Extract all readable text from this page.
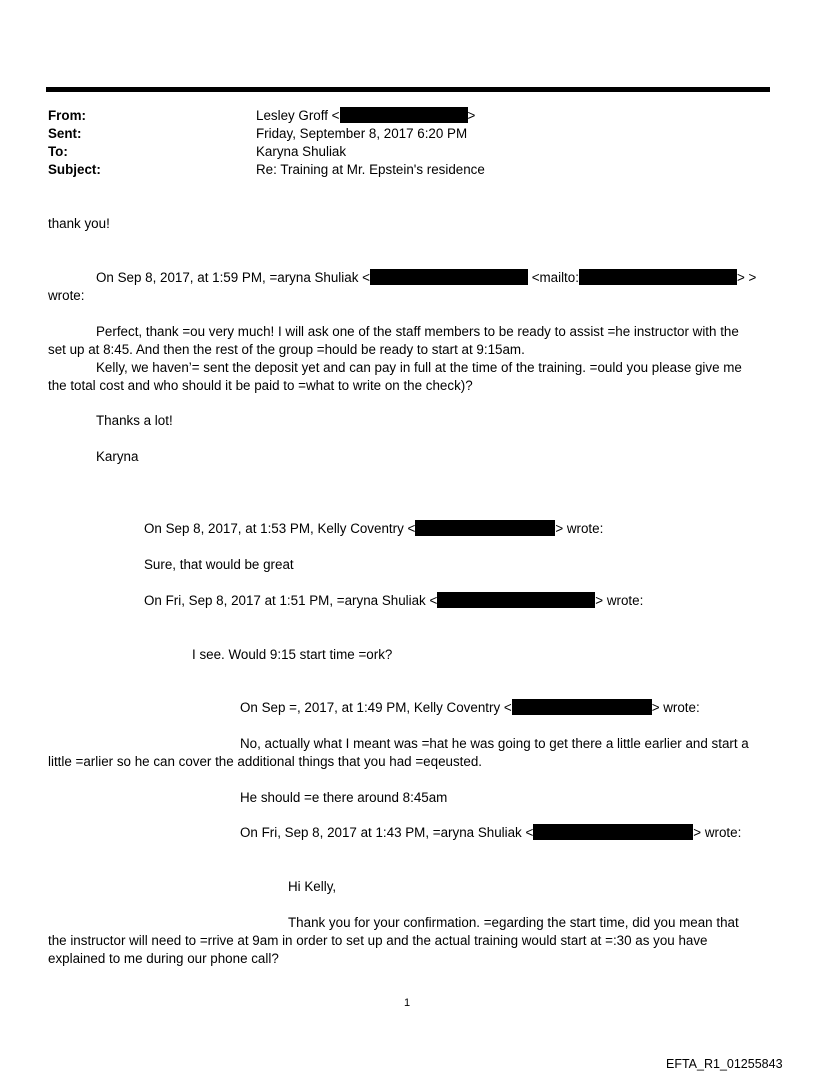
From:	Lesley Groff <	>
Sent:	Friday, September 8, 2017 6:20 PM
To:	Karyna Shuliak
Subject:	Re: Training at Mr. Epstein's residence
thank you!
On Sep 8, 2017, at 1:59 PM, =aryna Shuliak <	<mailto:	> >
wrote:
Perfect, thank =ou very much! I will ask one of the staff members to be ready to assist =he instructor with the set up at 8:45. And then the rest of the group =hould be ready to start at 9:15am.
Kelly, we haven’= sent the deposit yet and can pay in full at the time of the training. =ould you please give me the total cost and who should it be paid to =what to write on the check)?
Thanks a lot!
Karyna
On Sep 8, 2017, at 1:53 PM, Kelly Coventry <	> wrote:
Sure, that would be great
On Fri, Sep 8, 2017 at 1:51 PM, =aryna Shuliak <	> wrote:
I see. Would 9:15 start time =ork?
On Sep =, 2017, at 1:49 PM, Kelly Coventry <	> wrote:
No, actually what I meant was =hat he was going to get there a little earlier and start a
little =arlier so he can cover the additional things that you had =eqeusted.
He should =e there around 8:45am
On Fri, Sep 8, 2017 at 1:43 PM, =aryna Shuliak <	> wrote:
Hi Kelly,
Thank you for your confirmation. =egarding the start time, did you mean that the instructor will need to =rrive at 9am in order to set up and the actual training would start at =:30 as you have explained to me during our phone call?
1
EFTA_R1_01255843
